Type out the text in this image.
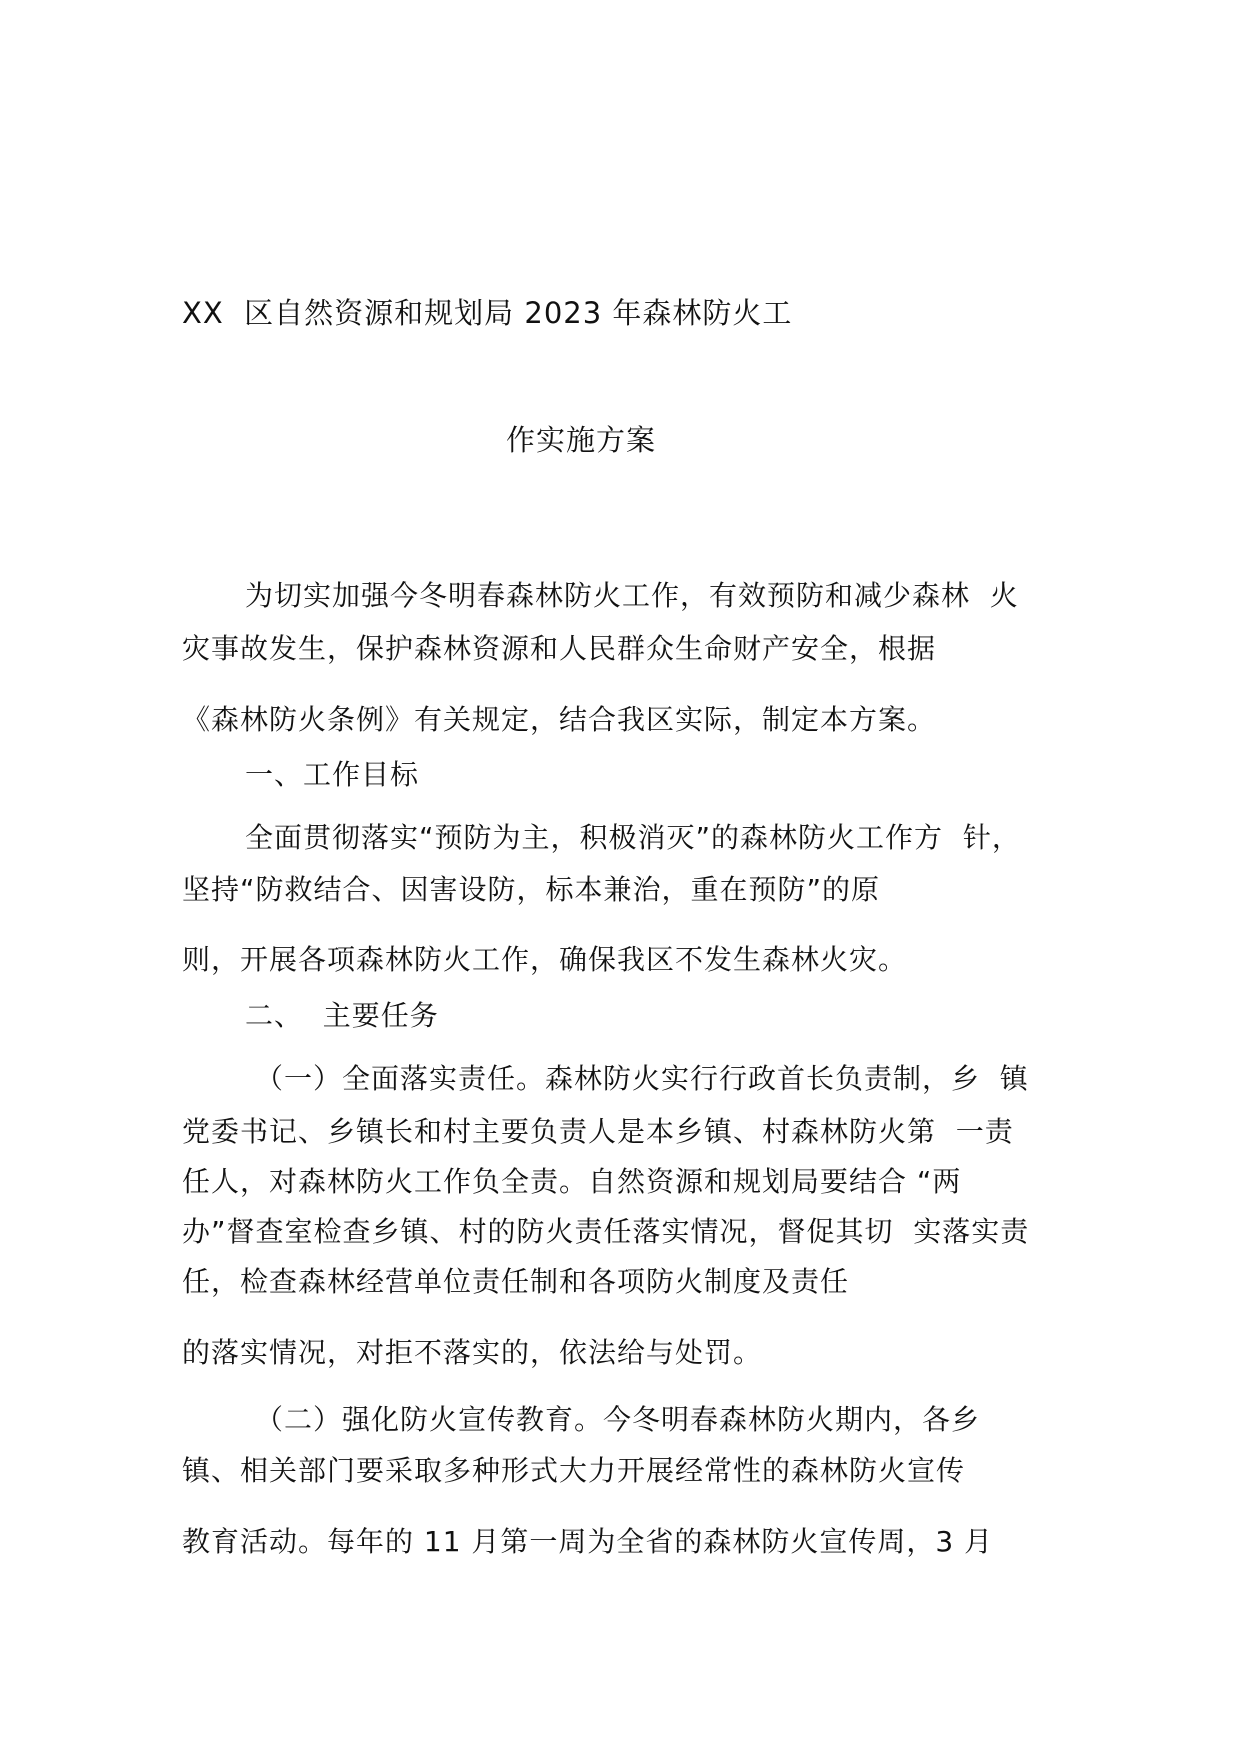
XX  区自然资源和规划局 2023 年森林防火工
作实施方案
为切实加强今冬明春森林防火工作，有效预防和减少森林  火
灾事故发生，保护森林资源和人民群众生命财产安全，根据
《森林防火条例》有关规定，结合我区实际，制定本方案。
一、工作目标
全面贯彻落实“预防为主，积极消灭”的森林防火工作方  针，
坚持“防救结合、因害设防，标本兼治，重在预防”的原
则，开展各项森林防火工作，确保我区不发生森林火灾。
二、  主要任务
（一）全面落实责任。森林防火实行行政首长负责制，乡  镇
党委书记、乡镇长和村主要负责人是本乡镇、村森林防火第  一责
任人，对森林防火工作负全责。自然资源和规划局要结合 “两
办”督查室检查乡镇、村的防火责任落实情况，督促其切  实落实责
任，检查森林经营单位责任制和各项防火制度及责任
的落实情况，对拒不落实的，依法给与处罚。
（二）强化防火宣传教育。今冬明春森林防火期内，各乡
镇、相关部门要采取多种形式大力开展经常性的森林防火宣传
教育活动。每年的 11 月第一周为全省的森林防火宣传周，3 月
